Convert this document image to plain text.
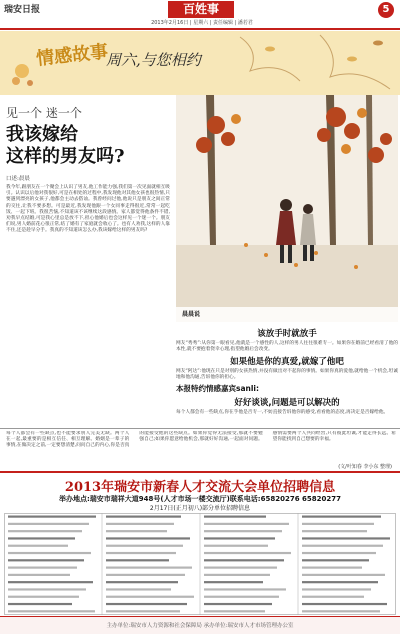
瑞安日报	百姓事
2013年2月16日 | 星期六 | 责任编辑 | 潘若君
5
情感故事
周六,与您相约
见一个 迷一个
我该嫁给
这样的男友吗?
晨晨说
口述:晨晨
我今年,跟朋友在一个聚会上认识了男友,他工作能力强,我们第一次见面就相互吸引。认识以后他对我很好,可是在相处的过程中,我发现他对其他女孩也很热情,只要遇到漂亮的女孩子,他都会主动去搭讪。我曾经问过他,他说只是朋友之间正常的交往,让我不要多想。可是最近,我发现他跟一个女同事走得很近,常常一起吃饭、一起下班。我很苦恼,不知道该不该继续这段感情。家人都觉得他条件不错,劝我早点结婚,可是我心里总是放不下,担心他婚后也会这样见一个迷一个。朋友们说,男人婚前花心很正常,结了婚有了家庭就会收心了。也有人劝我,这样的人靠不住,还是趁早分手。我真的不知道该怎么办,我该嫁给这样的男友吗?
该放手时就放手
网友“秀秀”:从你第一眼看见,他就是一个感性的人,这样的男人往往很难专一。如果你在婚前已经看清了他的本性,就不要抱着侥幸心理,指望他婚后会改变。
如果他是你的真爱,就嫁了他吧
网友“阿达”:他现在只是对别的女孩热情,并没有做出对不起你的事情。如果你真的爱他,就给他一个机会,坦诚地和他沟通,告诉他你的担心。
本报特约情感嘉宾sanli:
好好谈谈,问题是可以解决的
每个人都会有一些缺点,你在乎他是否专一,不妨直接告诉他你的感受,看看他的态度,再决定是否嫁给他。
每个人都会有一些缺点,也不能要求别人完美无缺。两个人在一起,最重要的是相互信任、相互理解。婚姻是一辈子的事情,在做决定之前,一定要想清楚,问问自己的内心,你是否真的能接受他的这些缺点。如果你觉得无法接受,那就不要勉强自己;如果你愿意给他机会,那就好好沟通,一起面对问题。感情需要两个人共同经营,只有彼此坦诚,才能走得长远。希望你能找到自己想要的幸福。
(文/叶知春 李小东 整理)
2013年瑞安市新春人才交流大会单位招聘信息
举办地点:瑞安市瑞祥大道948号(人才市场一楼交流厅)联系电话:65820276 65820277
2月17日(正月初八)部分单位招聘信息
主办单位:瑞安市人力资源和社会保障局 承办单位:瑞安市人才市场管理办公室
